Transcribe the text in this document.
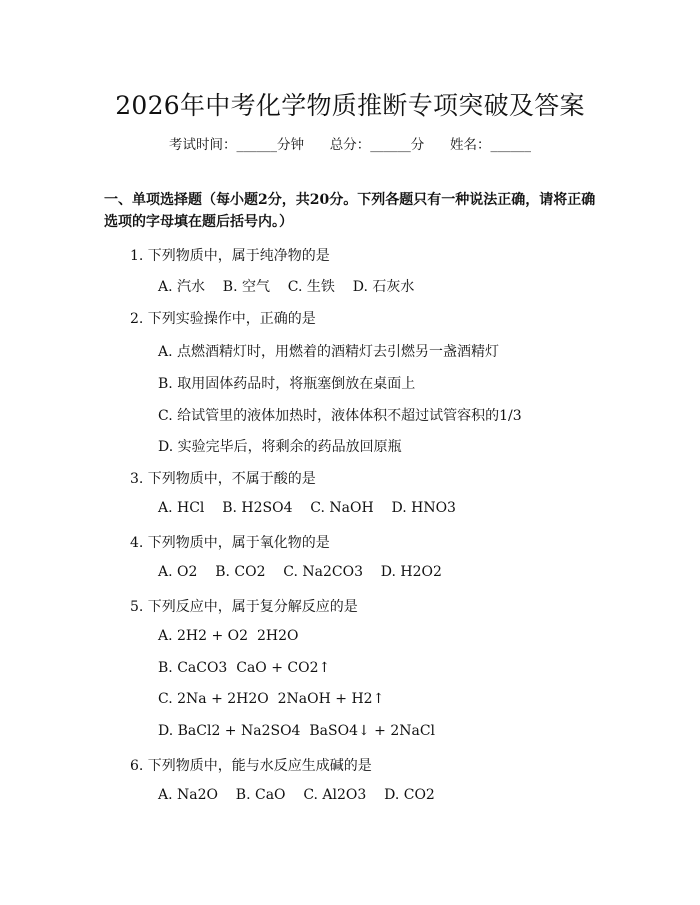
2026年中考化学物质推断专项突破及答案
考试时间：______分钟      总分：______分      姓名：______
一、单项选择题（每小题2分，共20分。下列各题只有一种说法正确，请将正确
选项的字母填在题后括号内。）
1. 下列物质中，属于纯净物的是
A. 汽水    B. 空气    C. 生铁    D. 石灰水
2. 下列实验操作中，正确的是
A. 点燃酒精灯时，用燃着的酒精灯去引燃另一盏酒精灯
B. 取用固体药品时，将瓶塞倒放在桌面上
C. 给试管里的液体加热时，液体体积不超过试管容积的1/3
D. 实验完毕后，将剩余的药品放回原瓶
3. 下列物质中，不属于酸的是
A. HCl    B. H2SO4    C. NaOH    D. HNO3
4. 下列物质中，属于氧化物的是
A. O2    B. CO2    C. Na2CO3    D. H2O2
5. 下列反应中，属于复分解反应的是
A. 2H2 + O2  2H2O
B. CaCO3  CaO + CO2↑
C. 2Na + 2H2O  2NaOH + H2↑
D. BaCl2 + Na2SO4  BaSO4↓ + 2NaCl
6. 下列物质中，能与水反应生成碱的是
A. Na2O    B. CaO    C. Al2O3    D. CO2
